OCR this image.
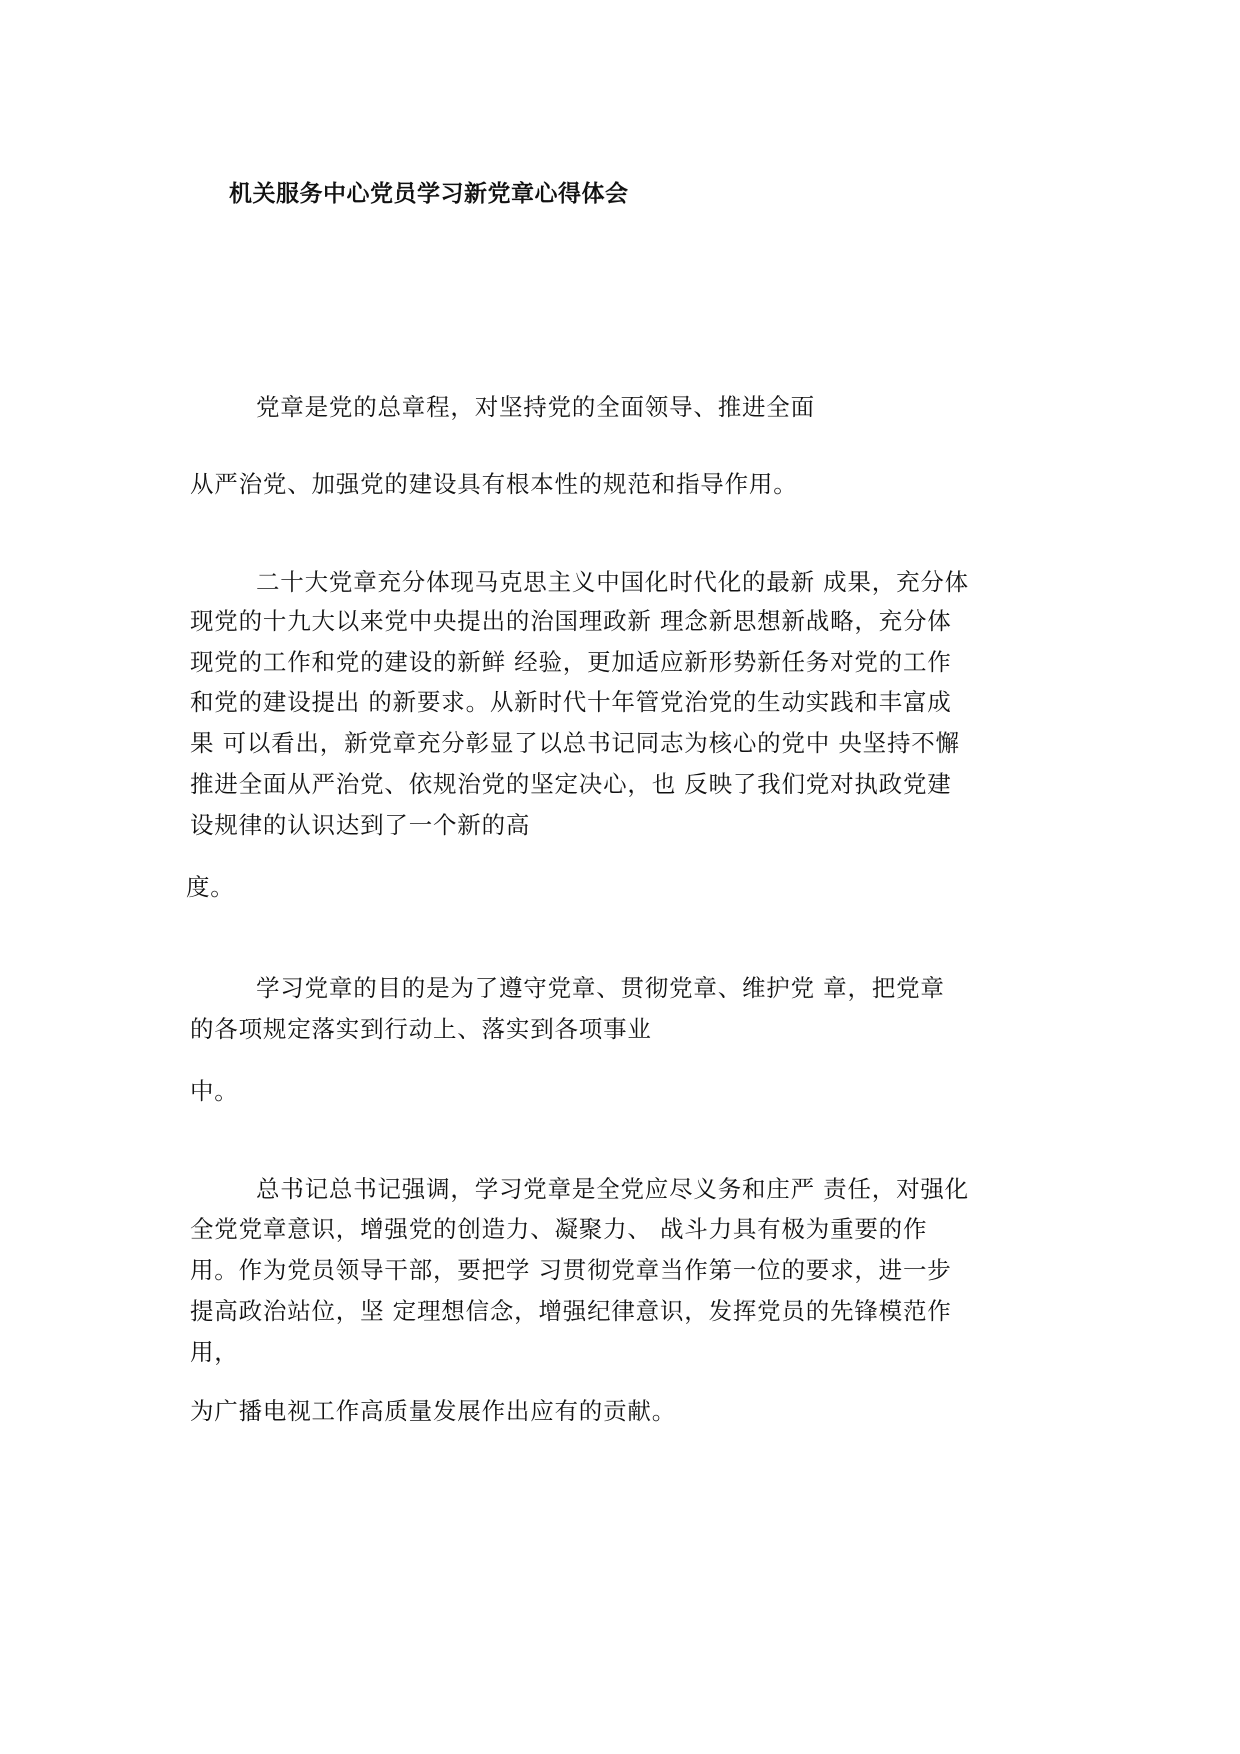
机关服务中心党员学习新党章心得体会
党章是党的总章程，对坚持党的全面领导、推进全面
从严治党、加强党的建设具有根本性的规范和指导作用。
二十大党章充分体现马克思主义中国化时代化的最新 成果，充分体
现党的十九大以来党中央提出的治国理政新 理念新思想新战略，充分体
现党的工作和党的建设的新鲜 经验，更加适应新形势新任务对党的工作
和党的建设提出 的新要求。从新时代十年管党治党的生动实践和丰富成
果 可以看出，新党章充分彰显了以总书记同志为核心的党中 央坚持不懈
推进全面从严治党、依规治党的坚定决心，也 反映了我们党对执政党建
设规律的认识达到了一个新的高
度。
学习党章的目的是为了遵守党章、贯彻党章、维护党 章，把党章
的各项规定落实到行动上、落实到各项事业
中。
总书记总书记强调，学习党章是全党应尽义务和庄严 责任，对强化
全党党章意识，增强党的创造力、凝聚力、 战斗力具有极为重要的作
用。作为党员领导干部，要把学 习贯彻党章当作第一位的要求，进一步
提高政治站位，坚 定理想信念，增强纪律意识，发挥党员的先锋模范作
用，
为广播电视工作高质量发展作出应有的贡献。
